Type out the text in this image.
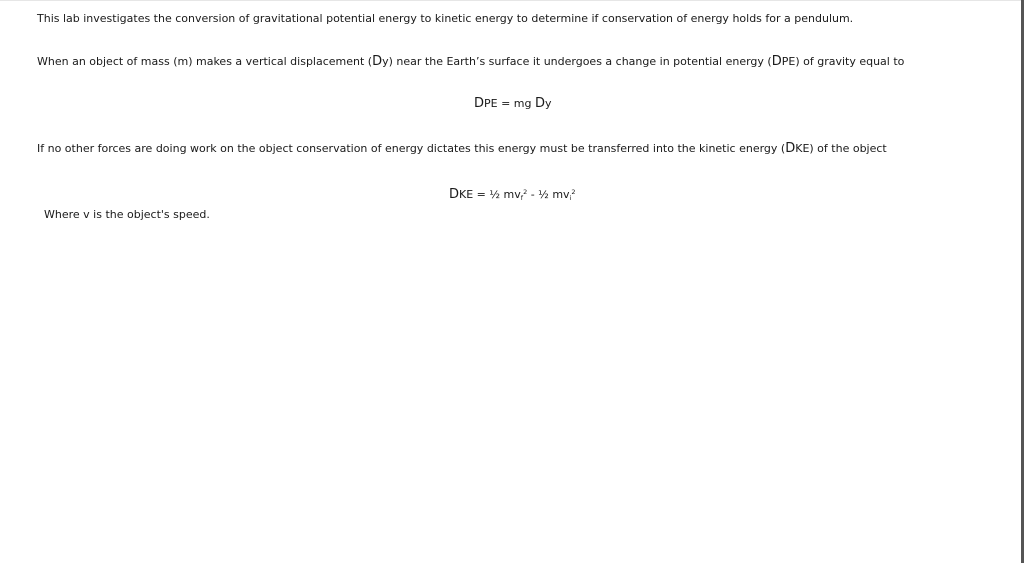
This lab investigates the conversion of gravitational potential energy to kinetic energy to determine if conservation of energy holds for a pendulum.
When an object of mass (m) makes a vertical displacement (Dy) near the Earth’s surface it undergoes a change in potential energy (DPE) of gravity equal to
DPE = mg Dy
If no other forces are doing work on the object conservation of energy dictates this energy must be transferred into the kinetic energy (DKE) of the object
DKE = ½ $mv_f^2$ - ½ $mv_i^2$
Where v is the object's speed.
